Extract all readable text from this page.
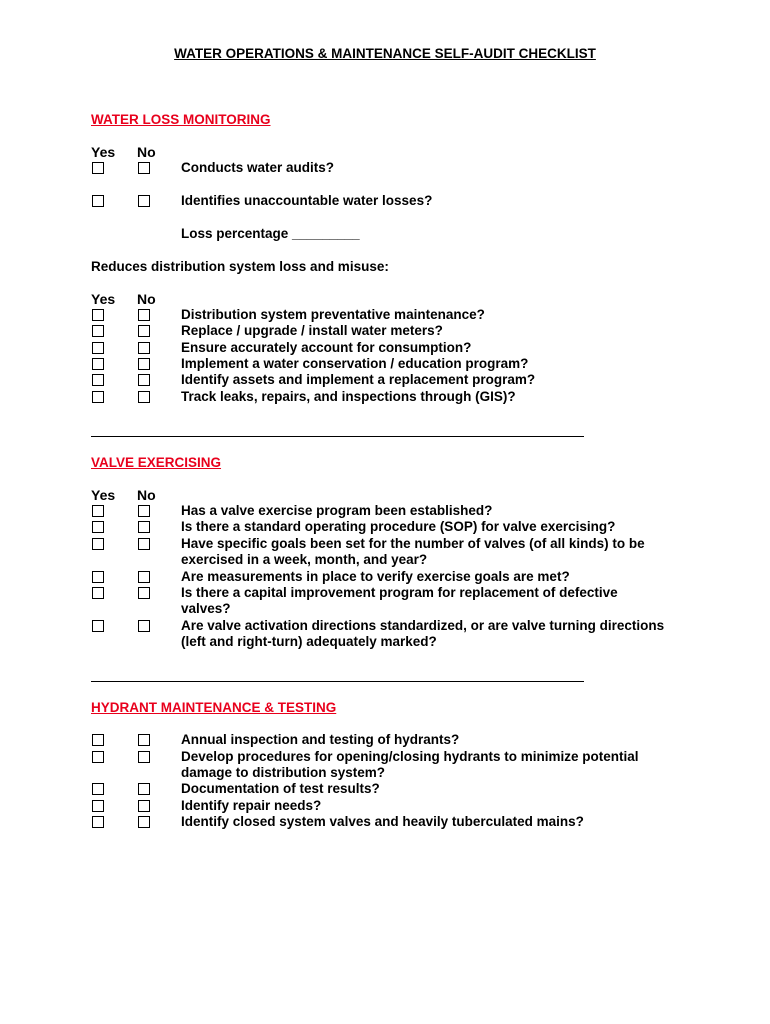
WATER OPERATIONS & MAINTENANCE SELF-AUDIT CHECKLIST
WATER LOSS MONITORING
Yes No
Conducts water audits?
Identifies unaccountable water losses?
Loss percentage _________
Reduces distribution system loss and misuse:
Yes No
Distribution system preventative maintenance?
Replace / upgrade / install water meters?
Ensure accurately account for consumption?
Implement a water conservation / education program?
Identify assets and implement a replacement program?
Track leaks, repairs, and inspections through (GIS)?
VALVE EXERCISING
Yes No
Has a valve exercise program been established?
Is there a standard operating procedure (SOP) for valve exercising?
Have specific goals been set for the number of valves (of all kinds) to be exercised in a week, month, and year?
Are measurements in place to verify exercise goals are met?
Is there a capital improvement program for replacement of defective valves?
Are valve activation directions standardized, or are valve turning directions (left and right-turn) adequately marked?
HYDRANT MAINTENANCE & TESTING
Annual inspection and testing of hydrants?
Develop procedures for opening/closing hydrants to minimize potential damage to distribution system?
Documentation of test results?
Identify repair needs?
Identify closed system valves and heavily tuberculated mains?
